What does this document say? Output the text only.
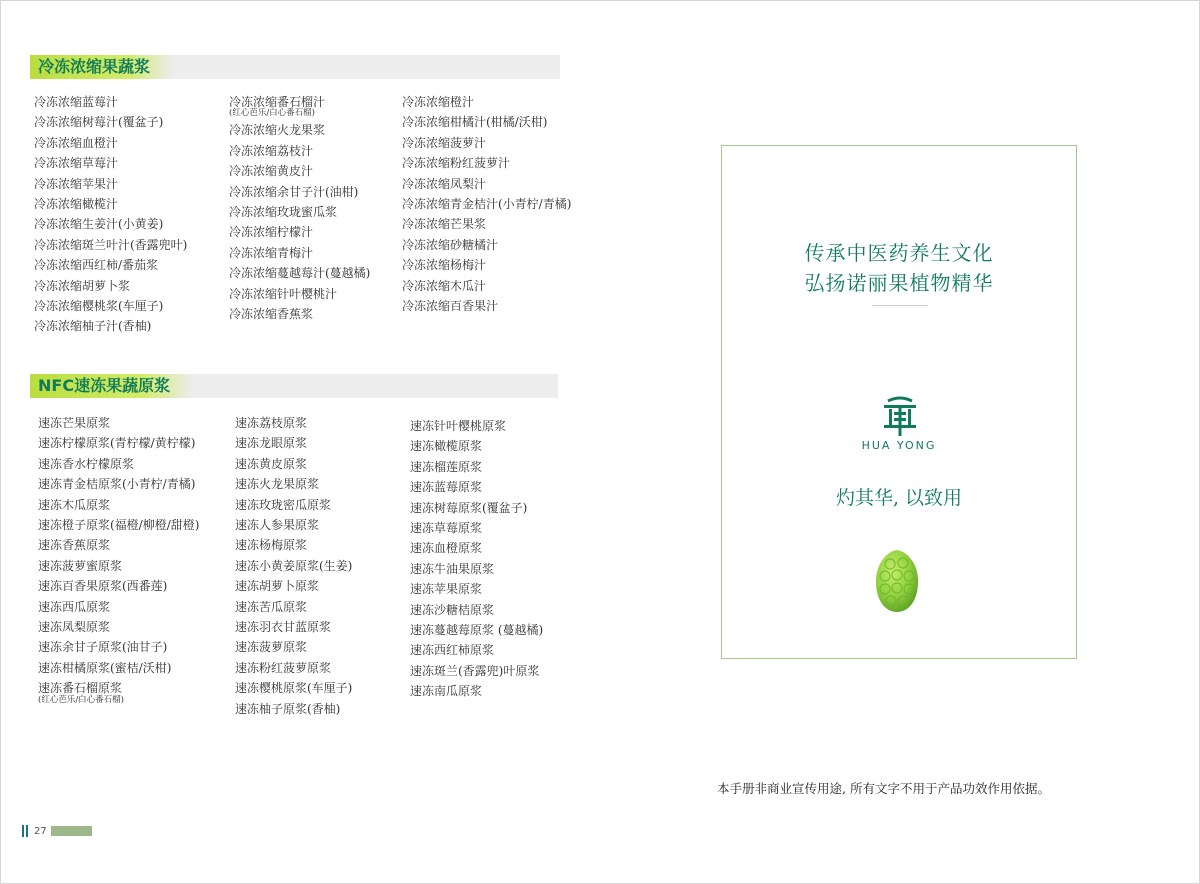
冷冻浓缩果蔬浆
冷冻浓缩蓝莓汁
冷冻浓缩树莓汁(覆盆子)
冷冻浓缩血橙汁
冷冻浓缩草莓汁
冷冻浓缩苹果汁
冷冻浓缩橄榄汁
冷冻浓缩生姜汁(小黄姜)
冷冻浓缩斑兰叶汁(香露兜叶)
冷冻浓缩西红柿/番茄浆
冷冻浓缩胡萝卜浆
冷冻浓缩樱桃浆(车厘子)
冷冻浓缩柚子汁(香柚)
冷冻浓缩番石榴汁
(红心芭乐/白心番石榴)
冷冻浓缩火龙果浆
冷冻浓缩荔枝汁
冷冻浓缩黄皮汁
冷冻浓缩余甘子汁(油柑)
冷冻浓缩玫珑蜜瓜浆
冷冻浓缩柠檬汁
冷冻浓缩青梅汁
冷冻浓缩蔓越莓汁(蔓越橘)
冷冻浓缩针叶樱桃汁
冷冻浓缩香蕉浆
冷冻浓缩橙汁
冷冻浓缩柑橘汁(柑橘/沃柑)
冷冻浓缩菠萝汁
冷冻浓缩粉红菠萝汁
冷冻浓缩凤梨汁
冷冻浓缩青金桔汁(小青柠/青橘)
冷冻浓缩芒果浆
冷冻浓缩砂糖橘汁
冷冻浓缩杨梅汁
冷冻浓缩木瓜汁
冷冻浓缩百香果汁
NFC速冻果蔬原浆
速冻芒果原浆
速冻柠檬原浆(青柠檬/黄柠檬)
速冻香水柠檬原浆
速冻青金桔原浆(小青柠/青橘)
速冻木瓜原浆
速冻橙子原浆(福橙/柳橙/甜橙)
速冻香蕉原浆
速冻菠萝蜜原浆
速冻百香果原浆(西番莲)
速冻西瓜原浆
速冻凤梨原浆
速冻余甘子原浆(油甘子)
速冻柑橘原浆(蜜桔/沃柑)
速冻番石榴原浆
(红心芭乐/白心番石榴)
速冻荔枝原浆
速冻龙眼原浆
速冻黄皮原浆
速冻火龙果原浆
速冻玫珑密瓜原浆
速冻人参果原浆
速冻杨梅原浆
速冻小黄姜原浆(生姜)
速冻胡萝卜原浆
速冻苦瓜原浆
速冻羽衣甘蓝原浆
速冻菠萝原浆
速冻粉红菠萝原浆
速冻樱桃原浆(车厘子)
速冻柚子原浆(香柚)
速冻针叶樱桃原浆
速冻橄榄原浆
速冻榴莲原浆
速冻蓝莓原浆
速冻树莓原浆(覆盆子)
速冻草莓原浆
速冻血橙原浆
速冻牛油果原浆
速冻苹果原浆
速冻沙糖桔原浆
速冻蔓越莓原浆 (蔓越橘)
速冻西红柿原浆
速冻斑兰(香露兜)叶原浆
速冻南瓜原浆
传承中医药养生文化
弘扬诺丽果植物精华
HUA YONG
灼其华, 以致用
本手册非商业宣传用途, 所有文字不用于产品功效作用依据。
27
